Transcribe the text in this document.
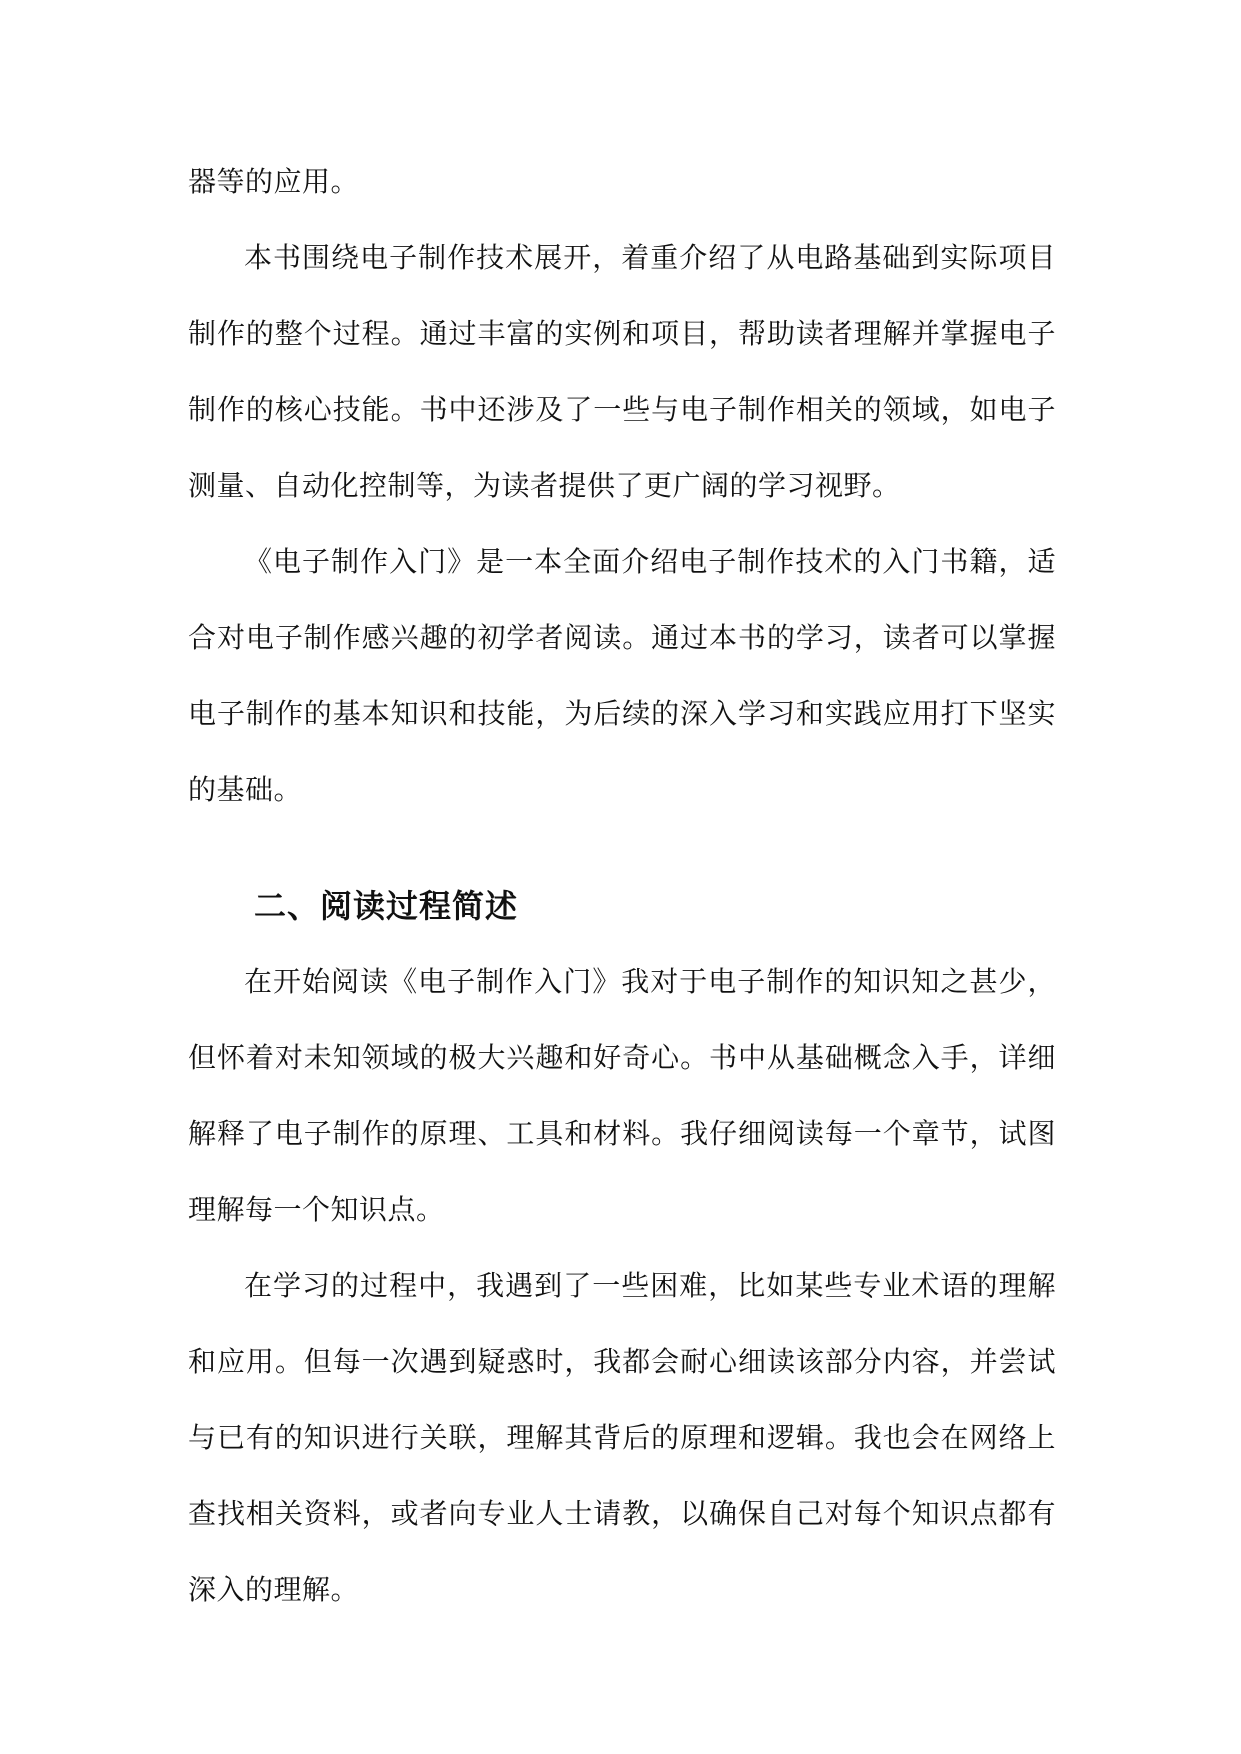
器等的应用。

本书围绕电子制作技术展开，着重介绍了从电路基础到实际项目制作的整个过程。通过丰富的实例和项目，帮助读者理解并掌握电子制作的核心技能。书中还涉及了一些与电子制作相关的领域，如电子测量、自动化控制等，为读者提供了更广阔的学习视野。

《电子制作入门》是一本全面介绍电子制作技术的入门书籍，适合对电子制作感兴趣的初学者阅读。通过本书的学习，读者可以掌握电子制作的基本知识和技能，为后续的深入学习和实践应用打下坚实的基础。

二、阅读过程简述

在开始阅读《电子制作入门》我对于电子制作的知识知之甚少，但怀着对未知领域的极大兴趣和好奇心。书中从基础概念入手，详细解释了电子制作的原理、工具和材料。我仔细阅读每一个章节，试图理解每一个知识点。

在学习的过程中，我遇到了一些困难，比如某些专业术语的理解和应用。但每一次遇到疑惑时，我都会耐心细读该部分内容，并尝试与已有的知识进行关联，理解其背后的原理和逻辑。我也会在网络上查找相关资料，或者向专业人士请教，以确保自己对每个知识点都有深入的理解。
